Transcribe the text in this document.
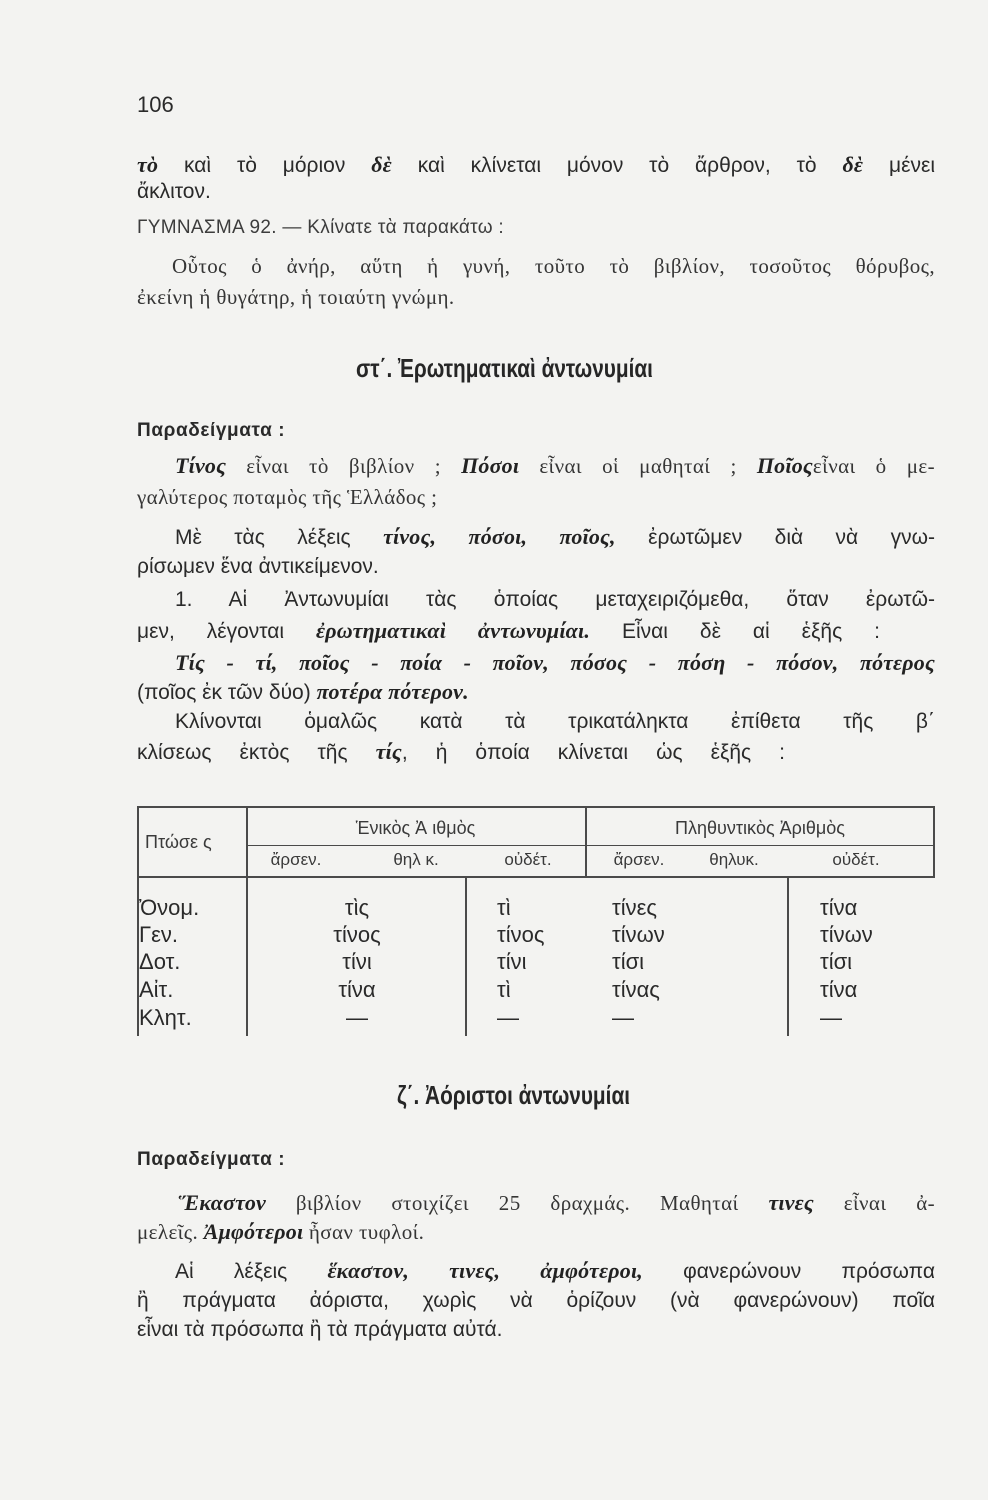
106
τὸ καὶ τὸ μόριον δὲ καὶ κλίνεται μόνον τὸ ἄρθρον, τὸ δὲ μένει
ἄκλιτον.
ΓΥΜΝΑΣΜΑ 92. — Κλίνατε τὰ παρακάτω :
Οὗτος ὁ ἀνήρ, αὕτη ἡ γυνή, τοῦτο τὸ βιβλίον, τοσοῦτος θόρυβος,
ἐκείνη ἡ θυγάτηρ, ἡ τοιαύτη γνώμη.
στ΄. Ἐρωτηματικαὶ ἀντωνυμίαι
Παραδείγματα :
Τίνος εἶναι τὸ βιβλίον ; Πόσοι εἶναι οἱ μαθηταί ; Ποῖοςεἶναι ὁ με-
γαλύτερος ποταμὸς τῆς Ἑλλάδος ;
Μὲ τὰς λέξεις τίνος, πόσοι, ποῖος, ἐρωτῶμεν διὰ νὰ γνω-
ρίσωμεν ἕνα ἀντικείμενον.
1. Αἱ Ἀντωνυμίαι τὰς ὁποίας μεταχειριζόμεθα, ὅταν ἐρωτῶ-
μεν, λέγονται ἐρωτηματικαὶ ἀντωνυμίαι. Εἶναι δὲ αἱ ἑξῆς :
Τίς - τί, ποῖος - ποία - ποῖον, πόσος - πόση - πόσον, πότερος
(ποῖος ἐκ τῶν δύο) ποτέρα πότερον.
Κλίνονται ὁμαλῶς κατὰ τὰ τρικατάληκτα ἐπίθετα τῆς β΄
κλίσεως ἐκτὸς τῆς τίς, ἡ ὁποία κλίνεται ὡς ἑξῆς :
Πτώσε ς
Ἑνικὸς Ἀ ιθμὸς	Πληθυντικὸς Ἀριθμὸς
ἄρσεν.	θηλ κ.	οὐδέτ.	ἄρσεν.	θηλυκ.	οὐδέτ.
Ὀνομ.	τὶς	τὶ	τίνες	τίνα
Γεν.	τίνος	τίνος	τίνων	τίνων
Δοτ.	τίνι	τίνι	τίσι	τίσι
Αἰτ.	τίνα	τὶ	τίνας	τίνα
Κλητ.	—	—	—	—
ζ΄. Ἀόριστοι ἀντωνυμίαι
Παραδείγματα :
Ἕκαστον βιβλίον στοιχίζει 25 δραχμάς. Μαθηταί τινες εἶναι ἀ-
μελεῖς. Ἀμφότεροι ἦσαν τυφλοί.
Αἱ λέξεις ἕκαστον, τινες, ἀμφότεροι, φανερώνουν πρόσωπα
ἢ πράγματα ἀόριστα, χωρὶς νὰ ὁρίζουν (νὰ φανερώνουν) ποῖα
εἶναι τὰ πρόσωπα ἢ τὰ πράγματα αὐτά.
